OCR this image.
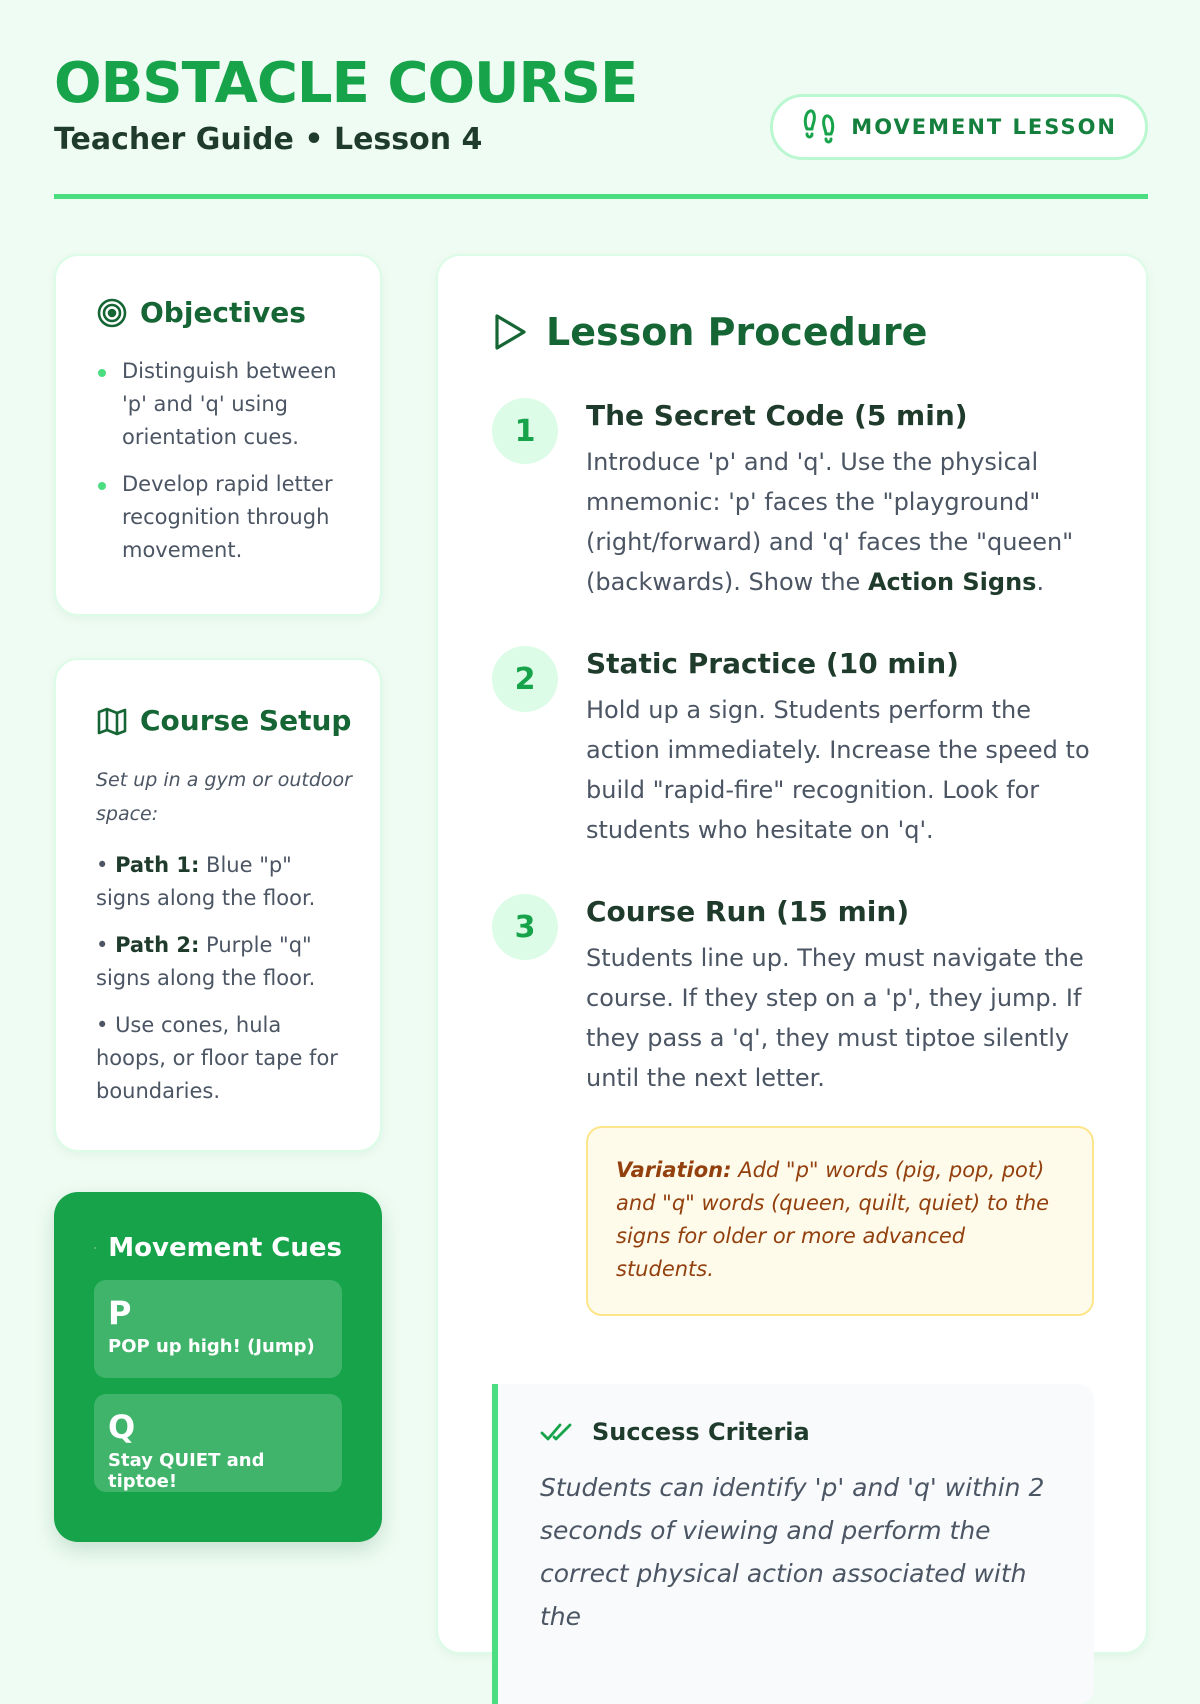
OBSTACLE COURSE
Teacher Guide • Lesson 4	MOVEMENT LESSON
Objectives
Distinguish between 'p' and 'q' using orientation cues.
Develop rapid letter recognition through movement.
Course Setup
Set up in a gym or outdoor space:
• Path 1: Blue "p" signs along the floor.
• Path 2: Purple "q" signs along the floor.
• Use cones, hula hoops, or floor tape for boundaries.
Movement Cues
P
POP up high! (Jump)
Q
Stay QUIET and tiptoe!
Lesson Procedure
1	The Secret Code (5 min)

Introduce 'p' and 'q'. Use the physical mnemonic: 'p' faces the "playground" (right/forward) and 'q' faces the "queen" (backwards). Show the Action Signs.

2	Static Practice (10 min)

Hold up a sign. Students perform the action immediately. Increase the speed to build "rapid-fire" recognition. Look for students who hesitate on 'q'.

3	Course Run (15 min)

Students line up. They must navigate the course. If they step on a 'p', they jump. If they pass a 'q', they must tiptoe silently until the next letter.

Variation: Add "p" words (pig, pop, pot) and "q" words (queen, quilt, quiet) to the signs for older or more advanced students.
Success Criteria

Students can identify 'p' and 'q' within 2 seconds of viewing and perform the correct physical action associated with the
